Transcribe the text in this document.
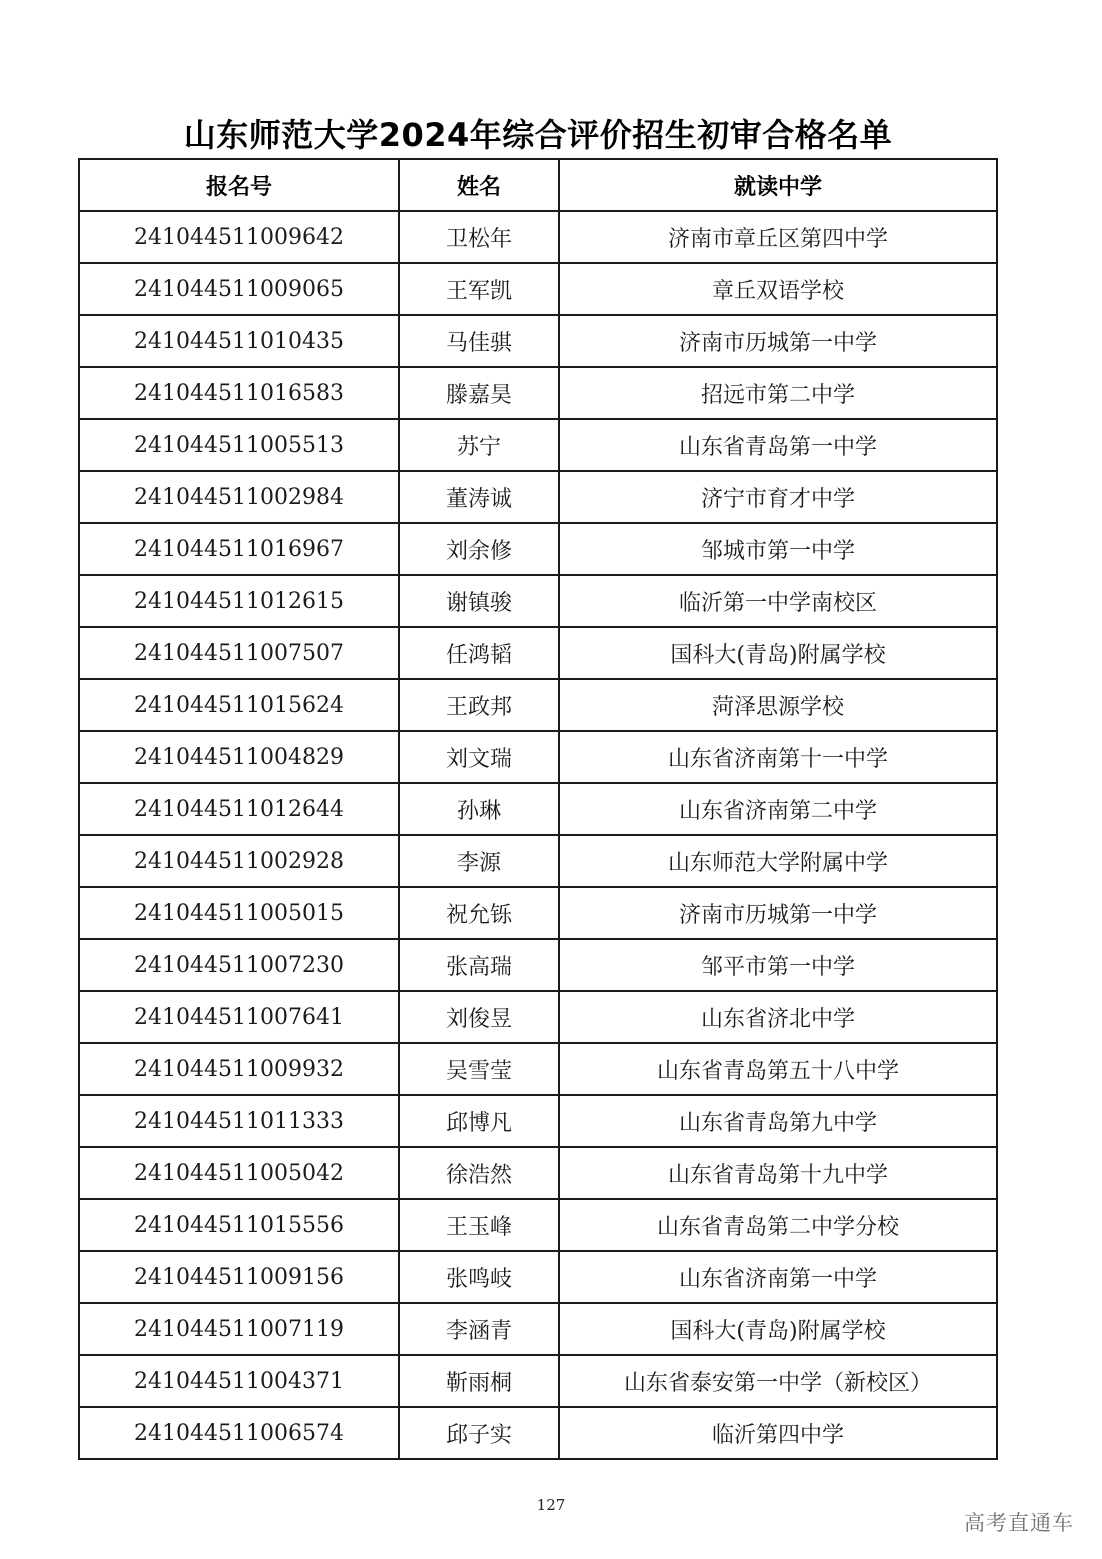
山东师范大学2024年综合评价招生初审合格名单
报名号	姓名	就读中学
241044511009642	卫松年	济南市章丘区第四中学
241044511009065	王军凯	章丘双语学校
241044511010435	马佳骐	济南市历城第一中学
241044511016583	滕嘉昊	招远市第二中学
241044511005513	苏宁	山东省青岛第一中学
241044511002984	董涛诚	济宁市育才中学
241044511016967	刘余修	邹城市第一中学
241044511012615	谢镇骏	临沂第一中学南校区
241044511007507	任鸿韬	国科大(青岛)附属学校
241044511015624	王政邦	菏泽思源学校
241044511004829	刘文瑞	山东省济南第十一中学
241044511012644	孙琳	山东省济南第二中学
241044511002928	李源	山东师范大学附属中学
241044511005015	祝允铄	济南市历城第一中学
241044511007230	张高瑞	邹平市第一中学
241044511007641	刘俊昱	山东省济北中学
241044511009932	吴雪莹	山东省青岛第五十八中学
241044511011333	邱博凡	山东省青岛第九中学
241044511005042	徐浩然	山东省青岛第十九中学
241044511015556	王玉峰	山东省青岛第二中学分校
241044511009156	张鸣岐	山东省济南第一中学
241044511007119	李涵青	国科大(青岛)附属学校
241044511004371	靳雨桐	山东省泰安第一中学（新校区）
241044511006574	邱子实	临沂第四中学
127
高考直通车
